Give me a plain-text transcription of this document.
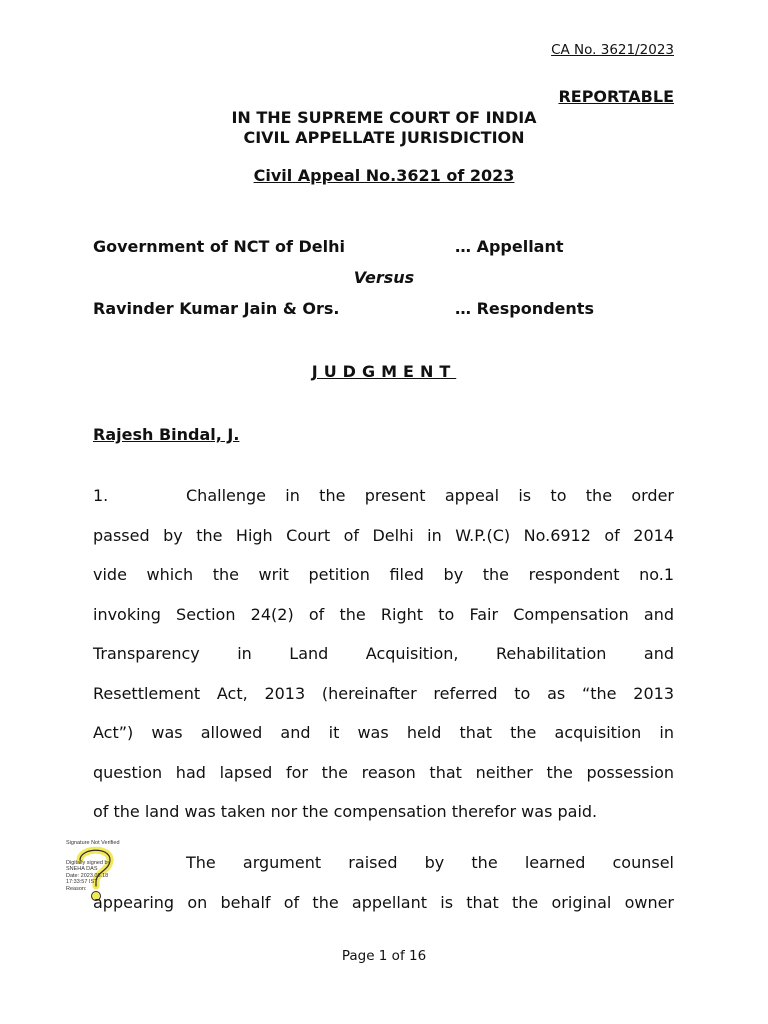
CA No. 3621/2023
REPORTABLE
IN THE SUPREME COURT OF INDIA
CIVIL APPELLATE JURISDICTION
Civil Appeal No.3621 of 2023
Government of NCT of Delhi	… Appellant
Versus
Ravinder Kumar Jain & Ors.	… Respondents
JUDGMENT
Rajesh Bindal, J.

1.	Challenge in the present appeal is to the order

passed by the High Court of Delhi in W.P.(C) No.6912 of 2014

vide which the writ petition filed by the respondent no.1

invoking Section 24(2) of the Right to Fair Compensation and

Transparency in Land Acquisition, Rehabilitation and

Resettlement Act, 2013 (hereinafter referred to as “the 2013

Act”) was allowed and it was held that the acquisition in

question had lapsed for the reason that neither the possession

of the land was taken nor the compensation therefor was paid.

Signature Not Verified
Digitally signed by
SNEHA DAS
Date: 2023.05.18
17:33:57 IST
Reason:

The argument raised by the learned counsel

appearing on behalf of the appellant is that the original owner

Page 1 of 16
